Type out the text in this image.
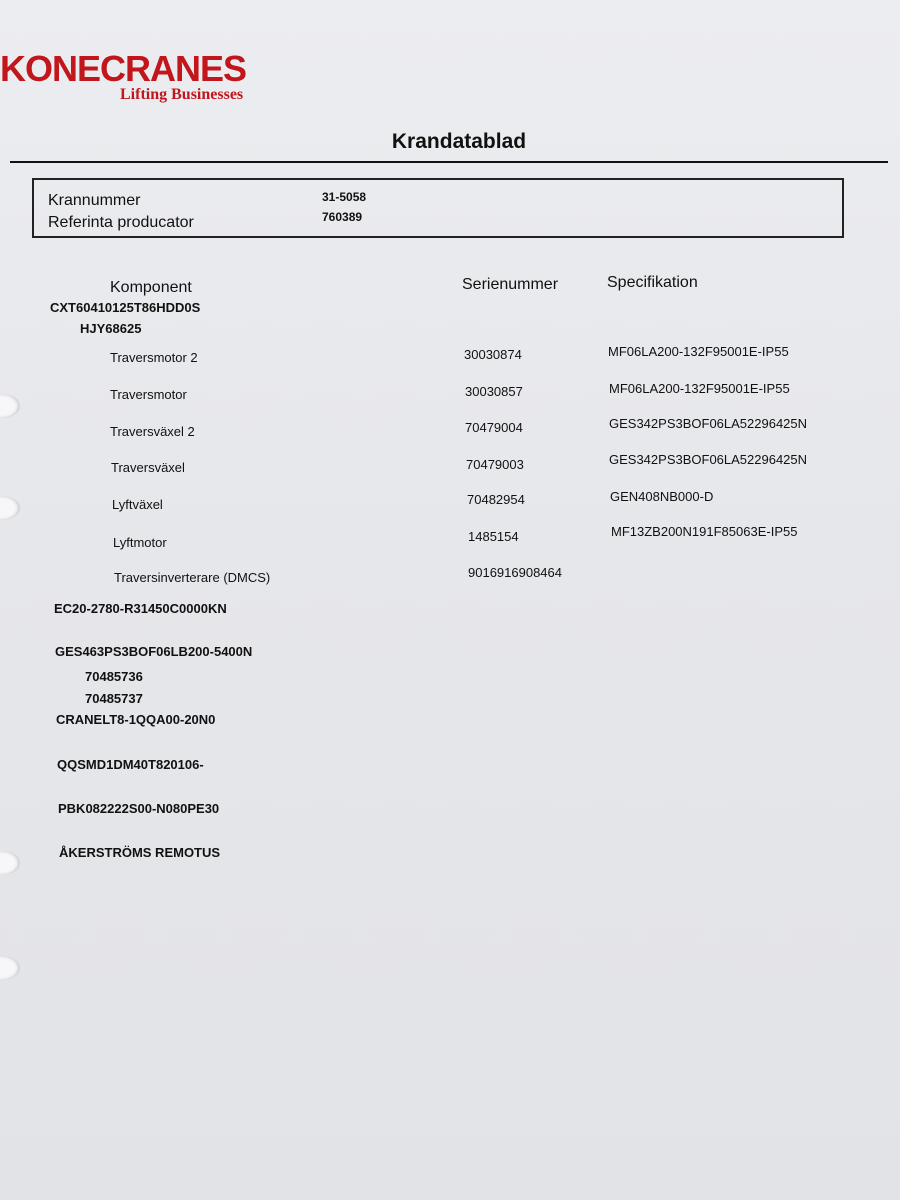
KONECRANES
Lifting Businesses
Krandatablad
Krannummer	31-5058
Referinta producator	760389
Komponent	Serienummer	Specifikation
CXT60410125T86HDD0S
HJY68625
Traversmotor 2	30030874	MF06LA200-132F95001E-IP55
Traversmotor	30030857	MF06LA200-132F95001E-IP55
Traversväxel 2	70479004	GES342PS3BOF06LA52296425N
Traversväxel	70479003	GES342PS3BOF06LA52296425N
Lyftväxel	70482954	GEN408NB000-D
Lyftmotor	1485154	MF13ZB200N191F85063E-IP55
Traversinverterare (DMCS)	9016916908464
EC20-2780-R31450C0000KN
GES463PS3BOF06LB200-5400N
70485736
70485737
CRANELT8-1QQA00-20N0
QQSMD1DM40T820106-
PBK082222S00-N080PE30
ÅKERSTRÖMS REMOTUS
